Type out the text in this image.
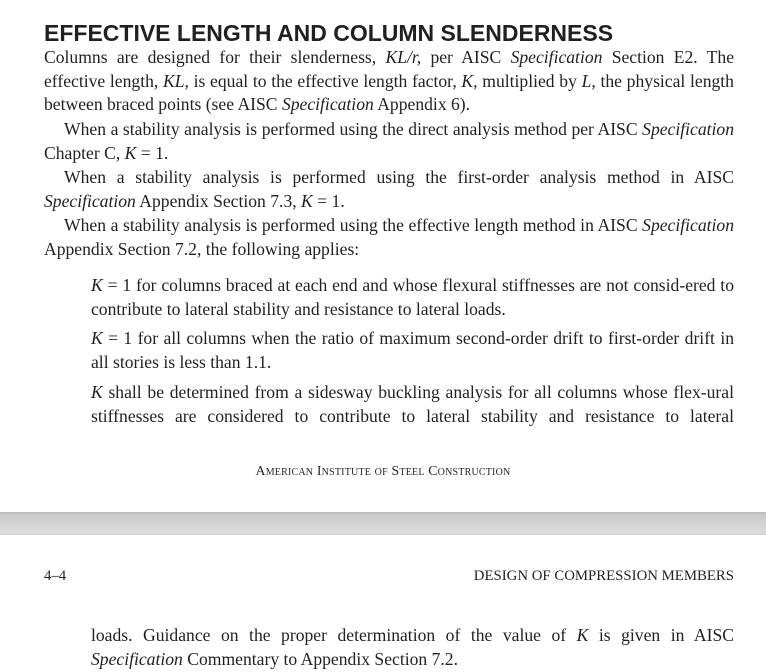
EFFECTIVE LENGTH AND COLUMN SLENDERNESS

Columns are designed for their slenderness, KL/r, per AISC Specification Section E2. The effective length, KL, is equal to the effective length factor, K, multiplied by L, the physical length between braced points (see AISC Specification Appendix 6).

When a stability analysis is performed using the direct analysis method per AISC Specification Chapter C, K = 1.

When a stability analysis is performed using the first-order analysis method in AISC Specification Appendix Section 7.3, K = 1.

When a stability analysis is performed using the effective length method in AISC Specification Appendix Section 7.2, the following applies:

K = 1 for columns braced at each end and whose flexural stiffnesses are not consid-ered to contribute to lateral stability and resistance to lateral loads.

K = 1 for all columns when the ratio of maximum second-order drift to first-order drift in all stories is less than 1.1.

K shall be determined from a sidesway buckling analysis for all columns whose flex-ural stiffnesses are considered to contribute to lateral stability and resistance to lateral

American Institute of Steel Construction
4–4	DESIGN OF COMPRESSION MEMBERS

loads. Guidance on the proper determination of the value of K is given in AISC Specification Commentary to Appendix Section 7.2.
